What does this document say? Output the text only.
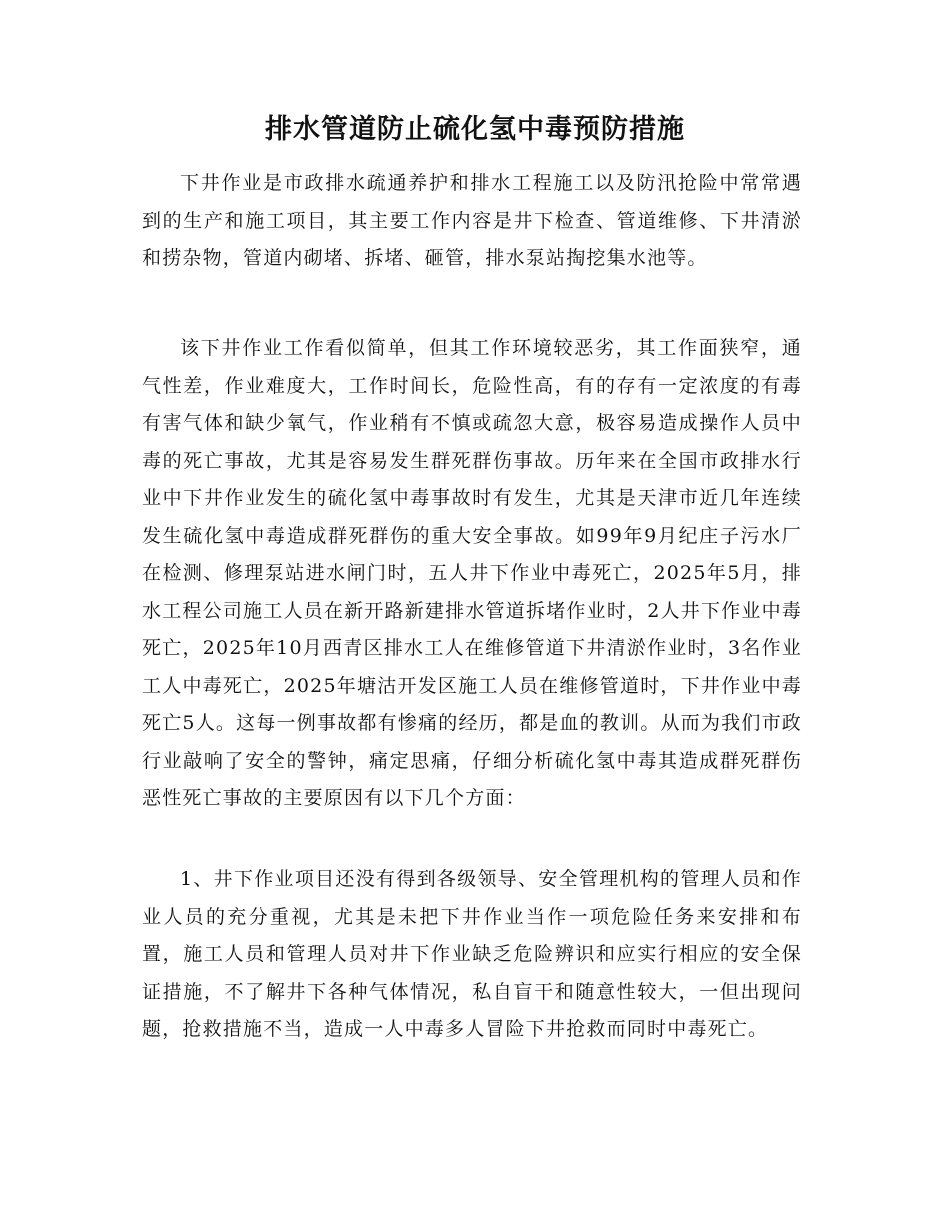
排水管道防止硫化氢中毒预防措施

下井作业是市政排水疏通养护和排水工程施工以及防汛抢险中常常遇到的生产和施工项目，其主要工作内容是井下检查、管道维修、下井清淤和捞杂物，管道内砌堵、拆堵、砸管，排水泵站掏挖集水池等。

该下井作业工作看似简单，但其工作环境较恶劣，其工作面狭窄，通气性差，作业难度大，工作时间长，危险性高，有的存有一定浓度的有毒有害气体和缺少氧气，作业稍有不慎或疏忽大意，极容易造成操作人员中毒的死亡事故，尤其是容易发生群死群伤事故。历年来在全国市政排水行业中下井作业发生的硫化氢中毒事故时有发生，尤其是天津市近几年连续发生硫化氢中毒造成群死群伤的重大安全事故。如99年9月纪庄子污水厂在检测、修理泵站进水闸门时，五人井下作业中毒死亡，2025年5月，排水工程公司施工人员在新开路新建排水管道拆堵作业时，2人井下作业中毒死亡，2025年10月西青区排水工人在维修管道下井清淤作业时，3名作业工人中毒死亡，2025年塘沽开发区施工人员在维修管道时，下井作业中毒死亡5人。这每一例事故都有惨痛的经历，都是血的教训。从而为我们市政行业敲响了安全的警钟，痛定思痛，仔细分析硫化氢中毒其造成群死群伤恶性死亡事故的主要原因有以下几个方面：

1、井下作业项目还没有得到各级领导、安全管理机构的管理人员和作业人员的充分重视，尤其是未把下井作业当作一项危险任务来安排和布置，施工人员和管理人员对井下作业缺乏危险辨识和应实行相应的安全保证措施，不了解井下各种气体情况，私自盲干和随意性较大，一但出现问题，抢救措施不当，造成一人中毒多人冒险下井抢救而同时中毒死亡。
